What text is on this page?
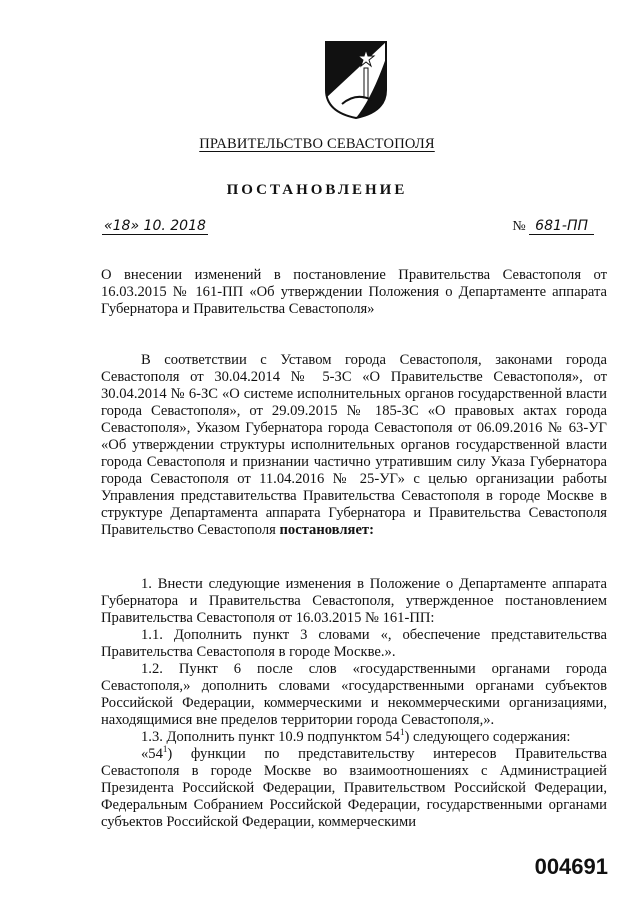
ПРАВИТЕЛЬСТВО СЕВАСТОПОЛЯ
ПОСТАНОВЛЕНИЕ
«18» 10. 2018	№ 681-ПП
О внесении изменений в постановление Правительства Севастополя от 16.03.2015 № 161-ПП «Об утверждении Положения о Департаменте аппарата Губернатора и Правительства Севастополя»

В соответствии с Уставом города Севастополя, законами города Севастополя от 30.04.2014 № 5-ЗС «О Правительстве Севастополя», от 30.04.2014 № 6-ЗС «О системе исполнительных органов государственной власти города Севастополя», от 29.09.2015 № 185-ЗС «О правовых актах города Севастополя», Указом Губернатора города Севастополя от 06.09.2016 № 63-УГ «Об утверждении структуры исполнительных органов государственной власти города Севастополя и признании частично утратившим силу Указа Губернатора города Севастополя от 11.04.2016 № 25-УГ» с целью организации работы Управления представительства Правительства Севастополя в городе Москве в структуре Департамента аппарата Губернатора и Правительства Севастополя Правительство Севастополя постановляет:

1. Внести следующие изменения в Положение о Департаменте аппарата Губернатора и Правительства Севастополя, утвержденное постановлением Правительства Севастополя от 16.03.2015 № 161-ПП:

1.1. Дополнить пункт 3 словами «, обеспечение представительства Правительства Севастополя в городе Москве.».

1.2. Пункт 6 после слов «государственными органами города Севастополя,» дополнить словами «государственными органами субъектов Российской Федерации, коммерческими и некоммерческими организациями, находящимися вне пределов территории города Севастополя,».

1.3. Дополнить пункт 10.9 подпунктом $54^1$) следующего содержания:

«$54^1$) функции по представительству интересов Правительства Севастополя в городе Москве во взаимоотношениях с Администрацией Президента Российской Федерации, Правительством Российской Федерации, Федеральным Собранием Российской Федерации, государственными органами субъектов Российской Федерации, коммерческими

004691
